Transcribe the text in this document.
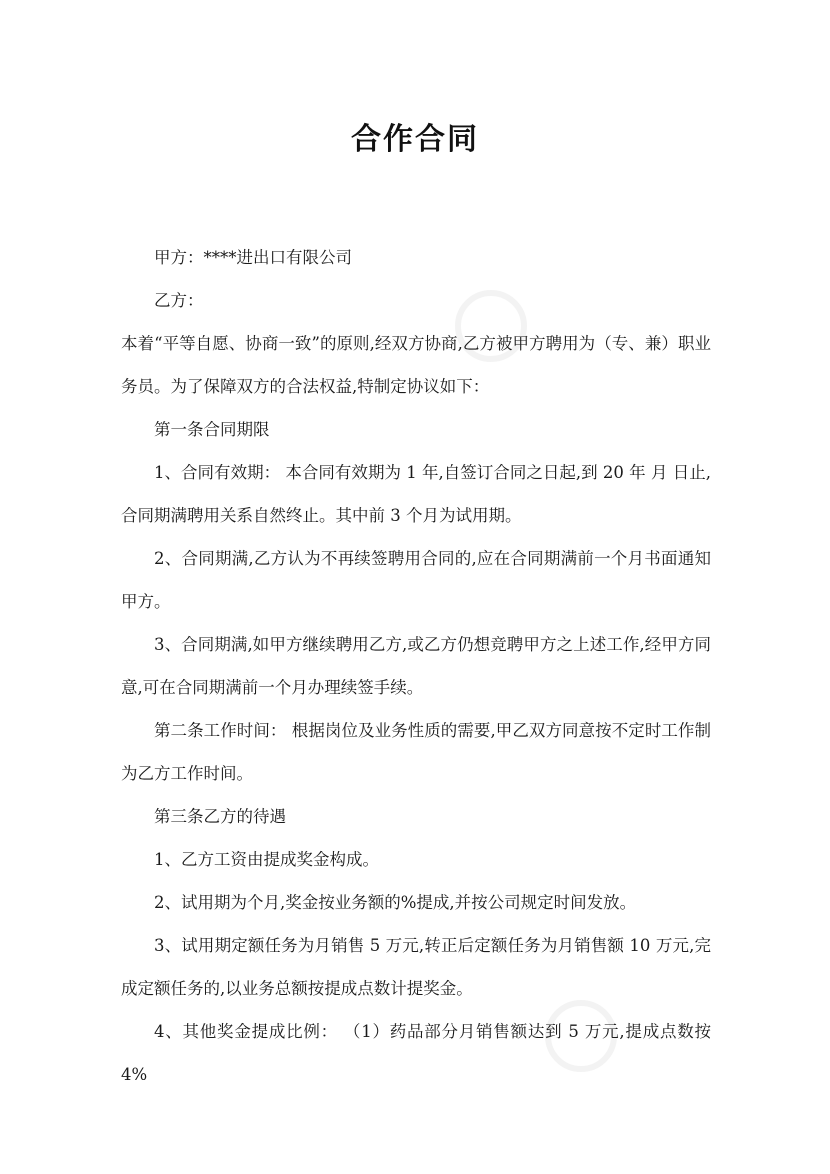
合作合同

甲方：****进出口有限公司

乙方：

本着“平等自愿、协商一致”的原则,经双方协商,乙方被甲方聘用为（专、兼）职业务员。为了保障双方的合法权益,特制定协议如下：

第一条合同期限

1、合同有效期： 本合同有效期为 1 年,自签订合同之日起,到 20 年 月 日止,合同期满聘用关系自然终止。其中前 3 个月为试用期。

2、合同期满,乙方认为不再续签聘用合同的,应在合同期满前一个月书面通知甲方。

3、合同期满,如甲方继续聘用乙方,或乙方仍想竞聘甲方之上述工作,经甲方同意,可在合同期满前一个月办理续签手续。

第二条工作时间： 根据岗位及业务性质的需要,甲乙双方同意按不定时工作制为乙方工作时间。

第三条乙方的待遇

1、乙方工资由提成奖金构成。

2、试用期为个月,奖金按业务额的%提成,并按公司规定时间发放。

3、试用期定额任务为月销售 5 万元,转正后定额任务为月销售额 10 万元,完成定额任务的,以业务总额按提成点数计提奖金。

4、其他奖金提成比例： （1）药品部分月销售额达到 5 万元,提成点数按 4%
